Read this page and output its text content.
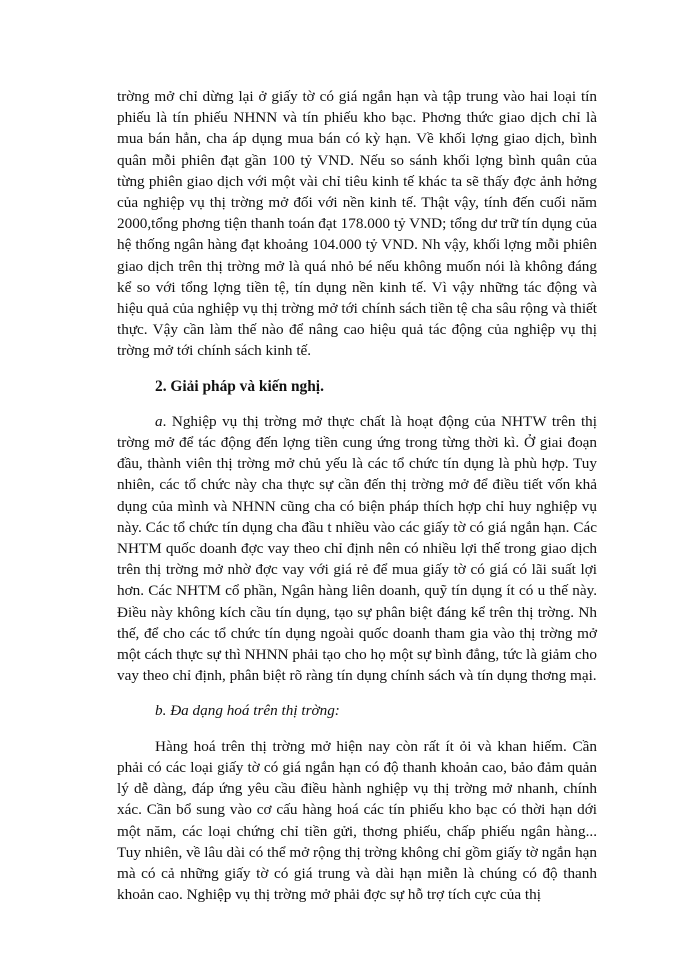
trờng mở chỉ dừng lại ở giấy tờ có giá ngắn hạn và tập trung vào hai loại tín phiếu là tín phiếu NHNN và tín phiếu kho bạc. Phơng thức giao dịch chỉ là mua bán hẳn, cha áp dụng mua bán có kỳ hạn. Về khối lợng giao dịch, bình quân mỗi phiên đạt gần 100 tỷ VND. Nếu so sánh khối lợng bình quân của từng phiên giao dịch với một vài chỉ tiêu kinh tế khác ta sẽ thấy đợc ảnh hởng của nghiệp vụ thị trờng mở đối với nền kinh tế. Thật vậy, tính đến cuối năm 2000,tổng phơng tiện thanh toán đạt 178.000 tỷ VND; tổng dư trữ tín dụng của hệ thống ngân hàng đạt khoảng 104.000 tỷ VND. Nh vậy, khối lợng mỗi phiên giao dịch trên thị trờng mở là quá nhỏ bé nếu không muốn nói là không đáng kể so với tổng lợng tiền tệ, tín dụng nền kinh tế. Vì vậy những tác động và hiệu quả của nghiệp vụ thị trờng mở tới chính sách tiền tệ cha sâu rộng và thiết thực. Vậy cần làm thế nào để nâng cao hiệu quả tác động của nghiệp vụ thị trờng mở tới chính sách kinh tế.

2. Giải pháp và kiến nghị.

a. Nghiệp vụ thị trờng mở thực chất là hoạt động của NHTW trên thị trờng mở để tác động đến lợng tiền cung ứng trong từng thời kì. Ở giai đoạn đầu, thành viên thị trờng mở chủ yếu là các tổ chức tín dụng là phù hợp. Tuy nhiên, các tổ chức này cha thực sự cần đến thị trờng mở để điều tiết vốn khả dụng của mình và NHNN cũng cha có biện pháp thích hợp chỉ huy nghiệp vụ này. Các tổ chức tín dụng cha đầu t nhiều vào các giấy tờ có giá ngắn hạn. Các NHTM quốc doanh đợc vay theo chỉ định nên có nhiều lợi thế trong giao dịch trên thị trờng mở nhờ đợc vay với giá rẻ để mua giấy tờ có giá có lãi suất lợi hơn. Các NHTM cổ phần, Ngân hàng liên doanh, quỹ tín dụng ít có u thế này. Điều này không kích cầu tín dụng, tạo sự phân biệt đáng kể trên thị trờng. Nh thế, để cho các tổ chức tín dụng ngoài quốc doanh tham gia vào thị trờng mở một cách thực sự thì NHNN phải tạo cho họ một sự bình đẳng, tức là giảm cho vay theo chỉ định, phân biệt rõ ràng tín dụng chính sách và tín dụng thơng mại.

b. Đa dạng hoá trên thị trờng:

Hàng hoá trên thị trờng mở hiện nay còn rất ít ỏi và khan hiếm. Cần phải có các loại giấy tờ có giá ngắn hạn có độ thanh khoản cao, bảo đảm quản lý dễ dàng, đáp ứng yêu cầu điều hành nghiệp vụ thị trờng mở nhanh, chính xác. Cần bổ sung vào cơ cấu hàng hoá các tín phiếu kho bạc có thời hạn dới một năm, các loại chứng chỉ tiền gửi, thơng phiếu, chấp phiếu ngân hàng... Tuy nhiên, về lâu dài có thể mở rộng thị trờng không chỉ gồm giấy tờ ngắn hạn mà có cả những giấy tờ có giá trung và dài hạn miễn là chúng có độ thanh khoản cao. Nghiệp vụ thị trờng mở phải đợc sự hỗ trợ tích cực của thị
